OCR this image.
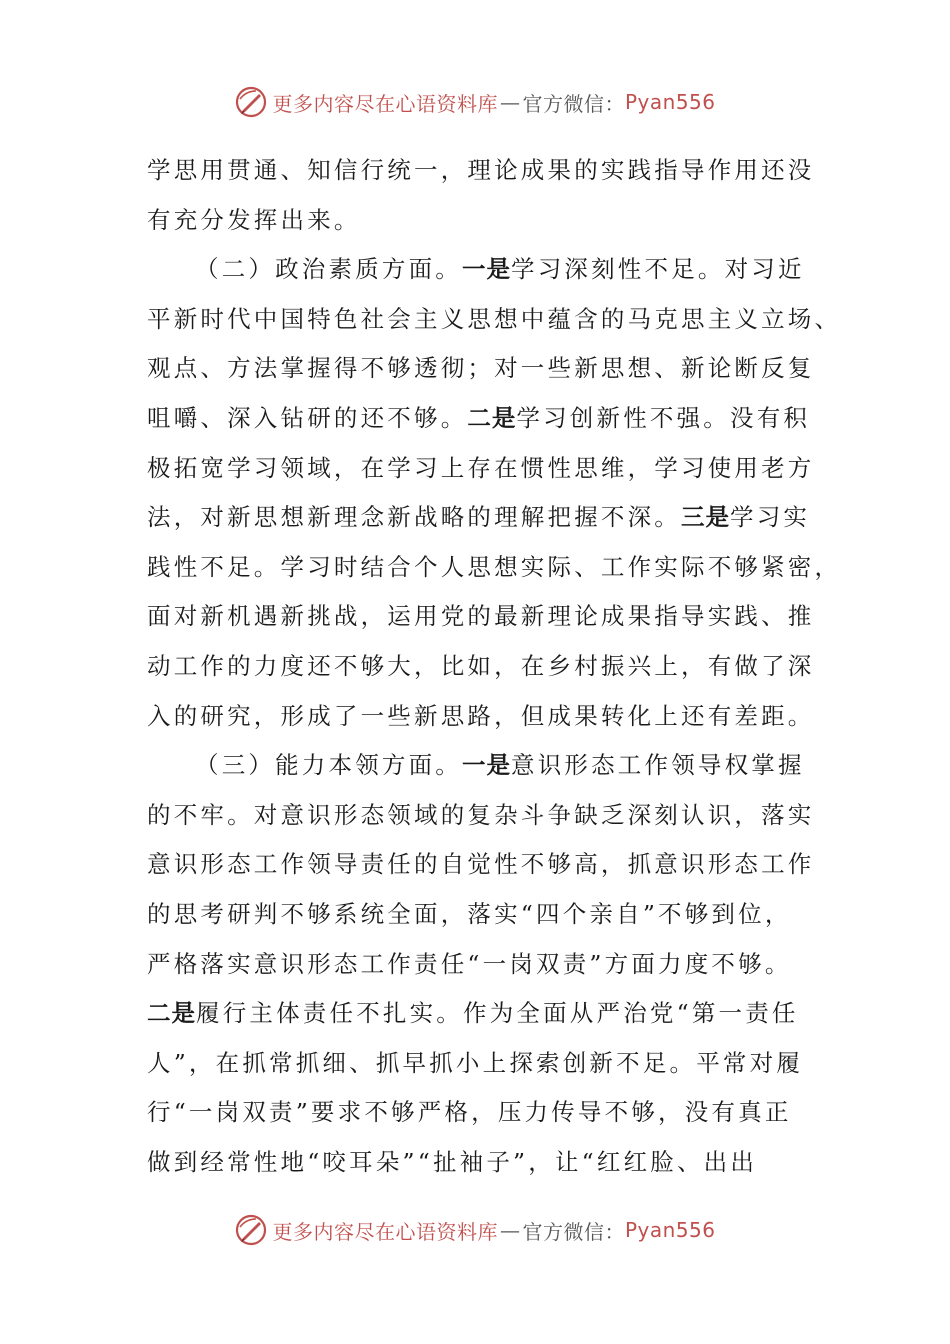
更多内容尽在心语资料库 — 官方微信： Pyan556
学思用贯通、知信行统一，理论成果的实践指导作用还没
有充分发挥出来。
（二）政治素质方面。一是学习深刻性不足。对习近
平新时代中国特色社会主义思想中蕴含的马克思主义立场、
观点、方法掌握得不够透彻；对一些新思想、新论断反复
咀嚼、深入钻研的还不够。二是学习创新性不强。没有积
极拓宽学习领域，在学习上存在惯性思维，学习使用老方
法，对新思想新理念新战略的理解把握不深。三是学习实
践性不足。学习时结合个人思想实际、工作实际不够紧密，
面对新机遇新挑战，运用党的最新理论成果指导实践、推
动工作的力度还不够大，比如，在乡村振兴上，有做了深
入的研究，形成了一些新思路，但成果转化上还有差距。
（三）能力本领方面。一是意识形态工作领导权掌握
的不牢。对意识形态领域的复杂斗争缺乏深刻认识，落实
意识形态工作领导责任的自觉性不够高，抓意识形态工作
的思考研判不够系统全面，落实“四个亲自”不够到位，
严格落实意识形态工作责任“一岗双责”方面力度不够。
二是履行主体责任不扎实。作为全面从严治党“第一责任
人”，在抓常抓细、抓早抓小上探索创新不足。平常对履
行“一岗双责”要求不够严格，压力传导不够，没有真正
做到经常性地“咬耳朵”“扯袖子”，让“红红脸、出出
更多内容尽在心语资料库 — 官方微信： Pyan556
